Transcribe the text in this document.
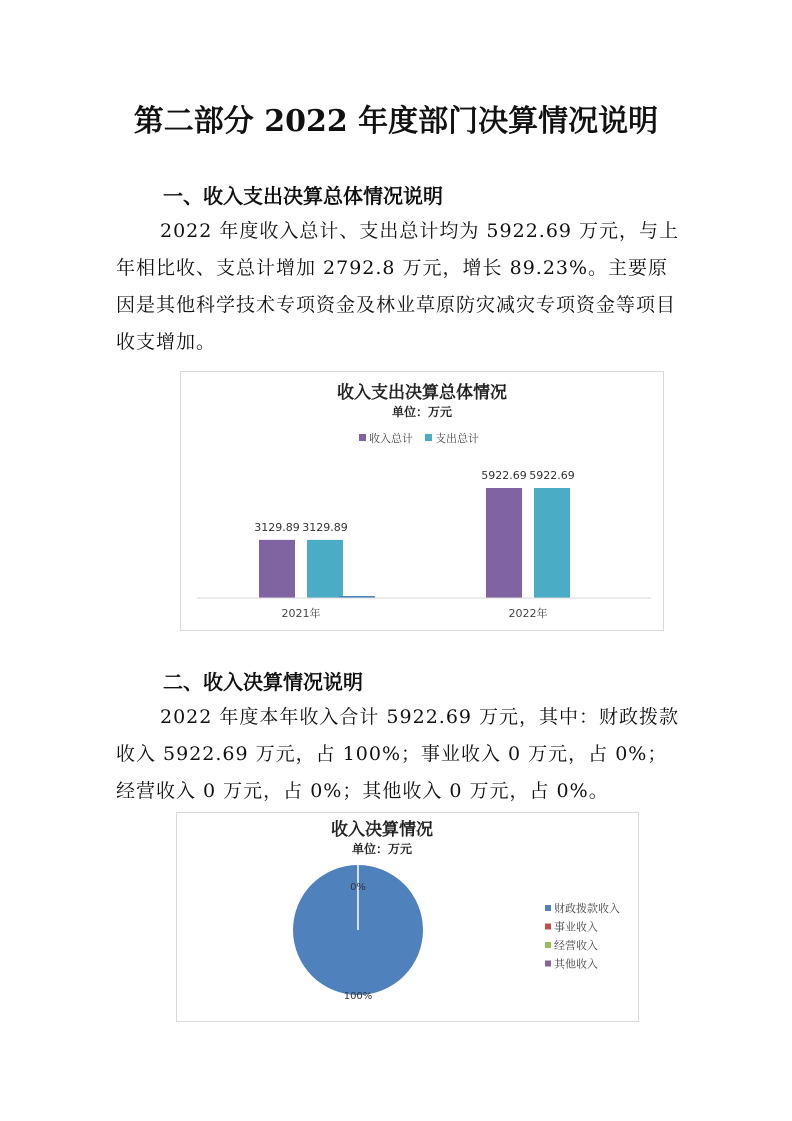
第二部分 2022 年度部门决算情况说明
一、收入支出决算总体情况说明
2022 年度收入总计、支出总计均为 5922.69 万元，与上年相比收、支总计增加 2792.8 万元，增长 89.23%。主要原因是其他科学技术专项资金及林业草原防灾减灾专项资金等项目收支增加。
收入支出决算总体情况
单位：万元
收入总计 支出总计
3129.89 3129.89
2021年
5922.69 5922.69
2022年
二、收入决算情况说明
2022 年度本年收入合计 5922.69 万元，其中：财政拨款收入 5922.69 万元，占 100%；事业收入 0 万元，占 0%；经营收入 0 万元，占 0%；其他收入 0 万元，占 0%。
收入决算情况
单位：万元
0%
100%
财政拨款收入
事业收入
经营收入
其他收入
